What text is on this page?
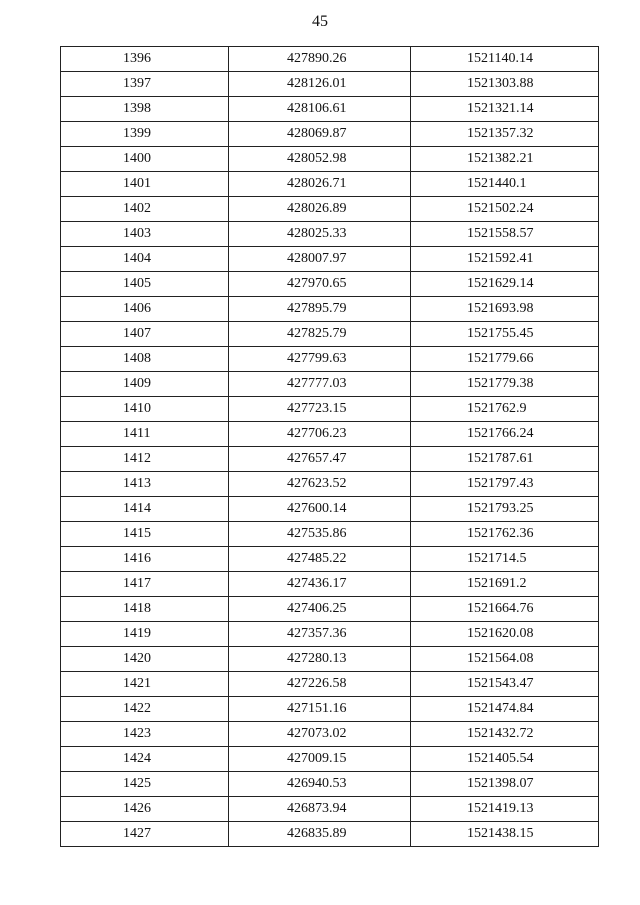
45
1396	427890.26	1521140.14
1397	428126.01	1521303.88
1398	428106.61	1521321.14
1399	428069.87	1521357.32
1400	428052.98	1521382.21
1401	428026.71	1521440.1
1402	428026.89	1521502.24
1403	428025.33	1521558.57
1404	428007.97	1521592.41
1405	427970.65	1521629.14
1406	427895.79	1521693.98
1407	427825.79	1521755.45
1408	427799.63	1521779.66
1409	427777.03	1521779.38
1410	427723.15	1521762.9
1411	427706.23	1521766.24
1412	427657.47	1521787.61
1413	427623.52	1521797.43
1414	427600.14	1521793.25
1415	427535.86	1521762.36
1416	427485.22	1521714.5
1417	427436.17	1521691.2
1418	427406.25	1521664.76
1419	427357.36	1521620.08
1420	427280.13	1521564.08
1421	427226.58	1521543.47
1422	427151.16	1521474.84
1423	427073.02	1521432.72
1424	427009.15	1521405.54
1425	426940.53	1521398.07
1426	426873.94	1521419.13
1427	426835.89	1521438.15
